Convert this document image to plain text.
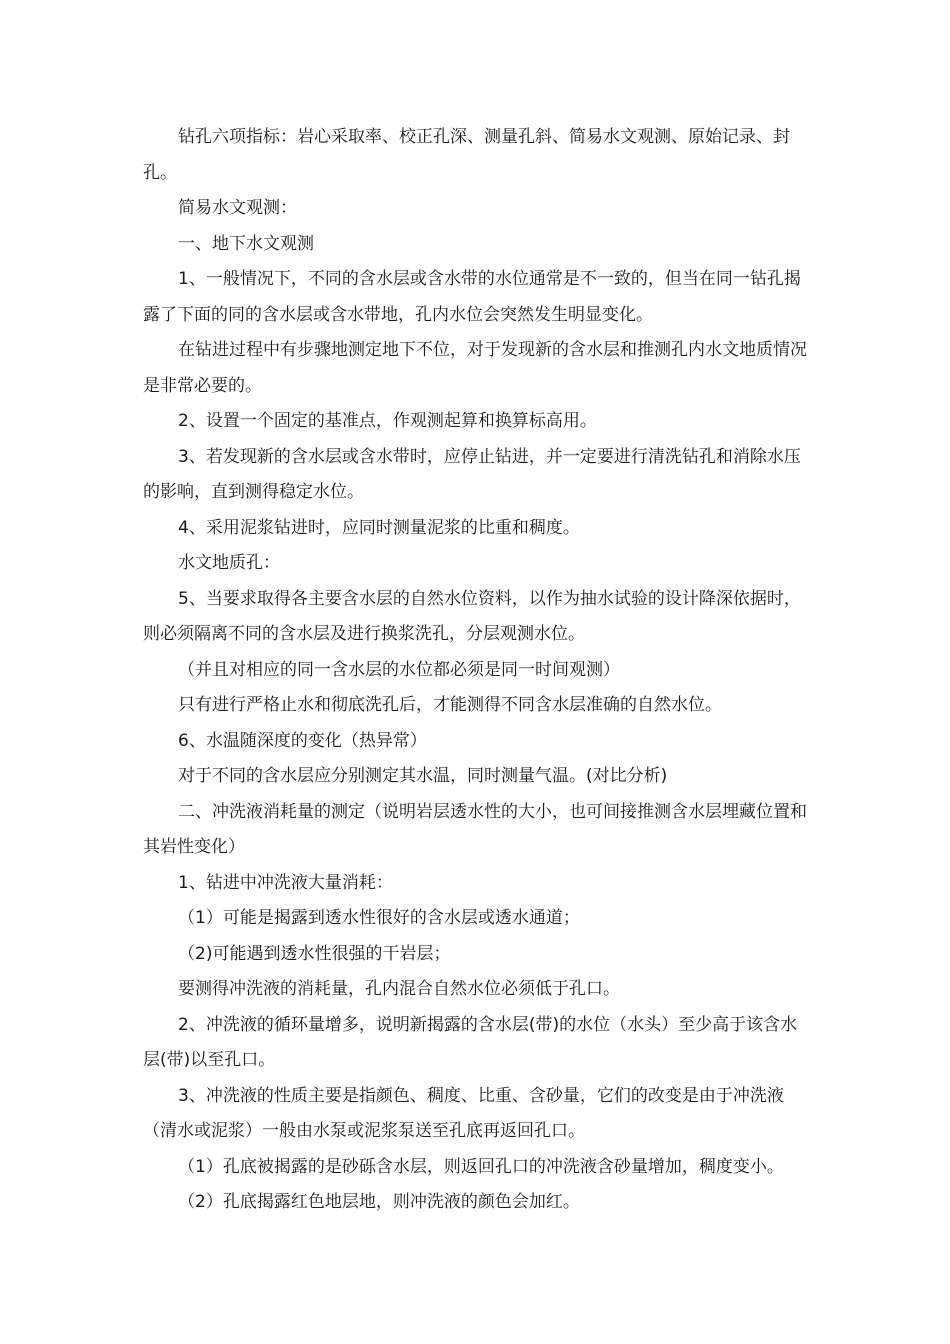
钻孔六项指标：岩心采取率、校正孔深、测量孔斜、简易水文观测、原始记录、封孔。

简易水文观测：

一、地下水文观测

1、一般情况下，不同的含水层或含水带的水位通常是不一致的，但当在同一钻孔揭露了下面的同的含水层或含水带地，孔内水位会突然发生明显变化。

在钻进过程中有步骤地测定地下不位，对于发现新的含水层和推测孔内水文地质情况是非常必要的。

2、设置一个固定的基准点，作观测起算和换算标高用。

3、若发现新的含水层或含水带时，应停止钻进，并一定要进行清洗钻孔和消除水压的影响，直到测得稳定水位。

4、采用泥浆钻进时，应同时测量泥浆的比重和稠度。

水文地质孔：

5、当要求取得各主要含水层的自然水位资料，以作为抽水试验的设计降深依据时，则必须隔离不同的含水层及进行换浆洗孔，分层观测水位。

（并且对相应的同一含水层的水位都必须是同一时间观测）

只有进行严格止水和彻底洗孔后，才能测得不同含水层准确的自然水位。

6、水温随深度的变化（热异常）

对于不同的含水层应分别测定其水温，同时测量气温。(对比分析)

二、冲洗液消耗量的测定（说明岩层透水性的大小，也可间接推测含水层埋藏位置和其岩性变化）

1、钻进中冲洗液大量消耗：

（1）可能是揭露到透水性很好的含水层或透水通道；

（2)可能遇到透水性很强的干岩层；

要测得冲洗液的消耗量，孔内混合自然水位必须低于孔口。

2、冲洗液的循环量增多，说明新揭露的含水层(带)的水位（水头）至少高于该含水层(带)以至孔口。

3、冲洗液的性质主要是指颜色、稠度、比重、含砂量，它们的改变是由于冲洗液（清水或泥浆）一般由水泵或泥浆泵送至孔底再返回孔口。

（1）孔底被揭露的是砂砾含水层，则返回孔口的冲洗液含砂量增加，稠度变小。

（2）孔底揭露红色地层地，则冲洗液的颜色会加红。
